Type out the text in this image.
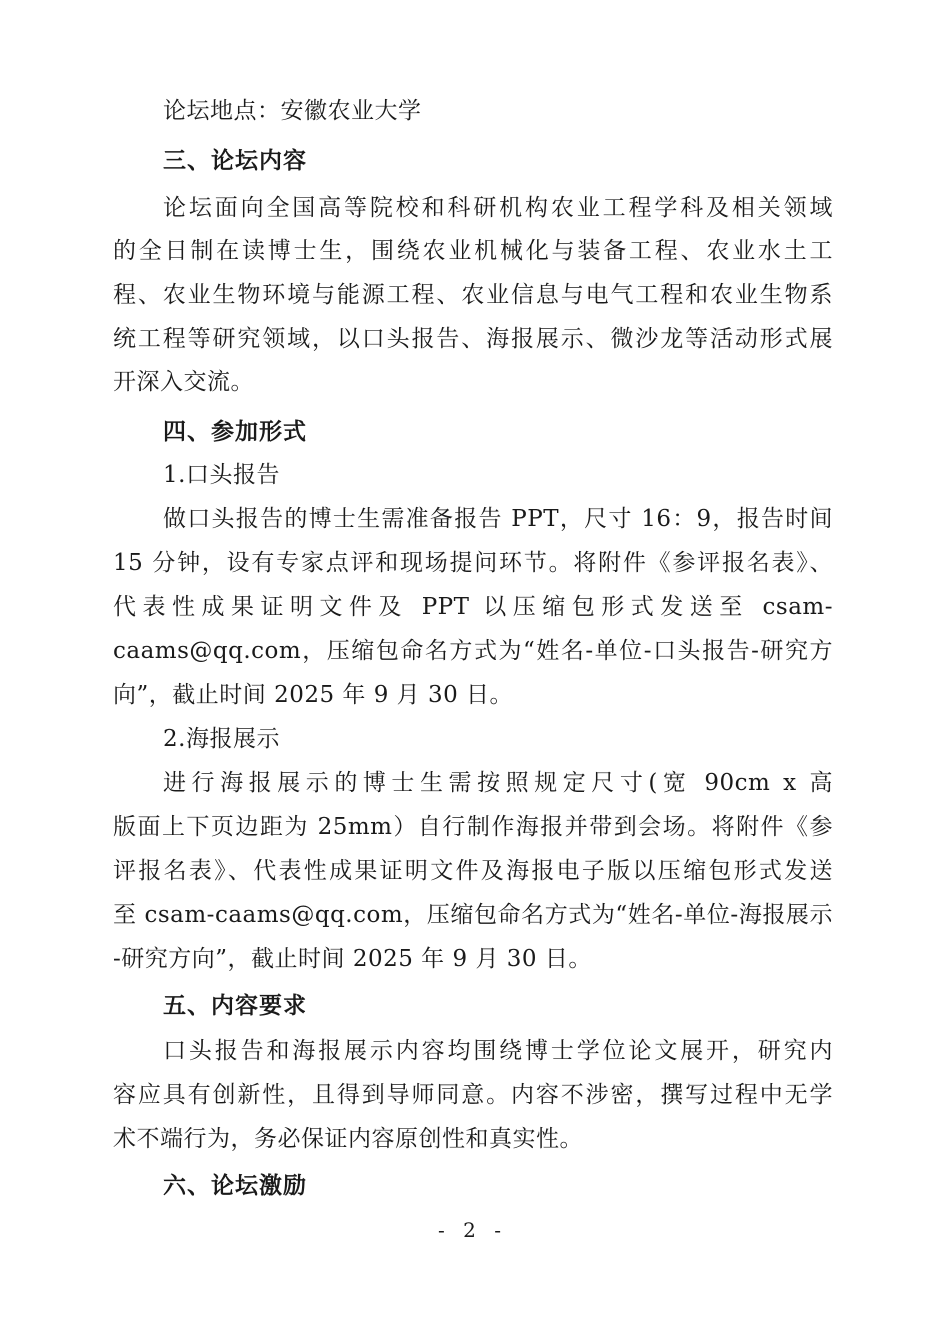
论坛地点：安徽农业大学
三、论坛内容
论坛面向全国高等院校和科研机构农业工程学科及相关领域
的全日制在读博士生，围绕农业机械化与装备工程、农业水土工
程、农业生物环境与能源工程、农业信息与电气工程和农业生物系
统工程等研究领域，以口头报告、海报展示、微沙龙等活动形式展
开深入交流。
四、参加形式
1.口头报告
做口头报告的博士生需准备报告 PPT，尺寸 16：9，报告时间
15 分钟，设有专家点评和现场提问环节。将附件《参评报名表》、
代表性成果证明文件及 PPT 以压缩包形式发送至 csam-
caams@qq.com，压缩包命名方式为“姓名-单位-口头报告-研究方
向”，截止时间 2025 年 9 月 30 日。
2.海报展示
进行海报展示的博士生需按照规定尺寸(宽 90cm x 高
版面上下页边距为 25mm）自行制作海报并带到会场。将附件《参
评报名表》、代表性成果证明文件及海报电子版以压缩包形式发送
至 csam-caams@qq.com，压缩包命名方式为“姓名-单位-海报展示
-研究方向”，截止时间 2025 年 9 月 30 日。
五、内容要求
口头报告和海报展示内容均围绕博士学位论文展开，研究内
容应具有创新性，且得到导师同意。内容不涉密，撰写过程中无学
术不端行为，务必保证内容原创性和真实性。
六、论坛激励
- 2 -
